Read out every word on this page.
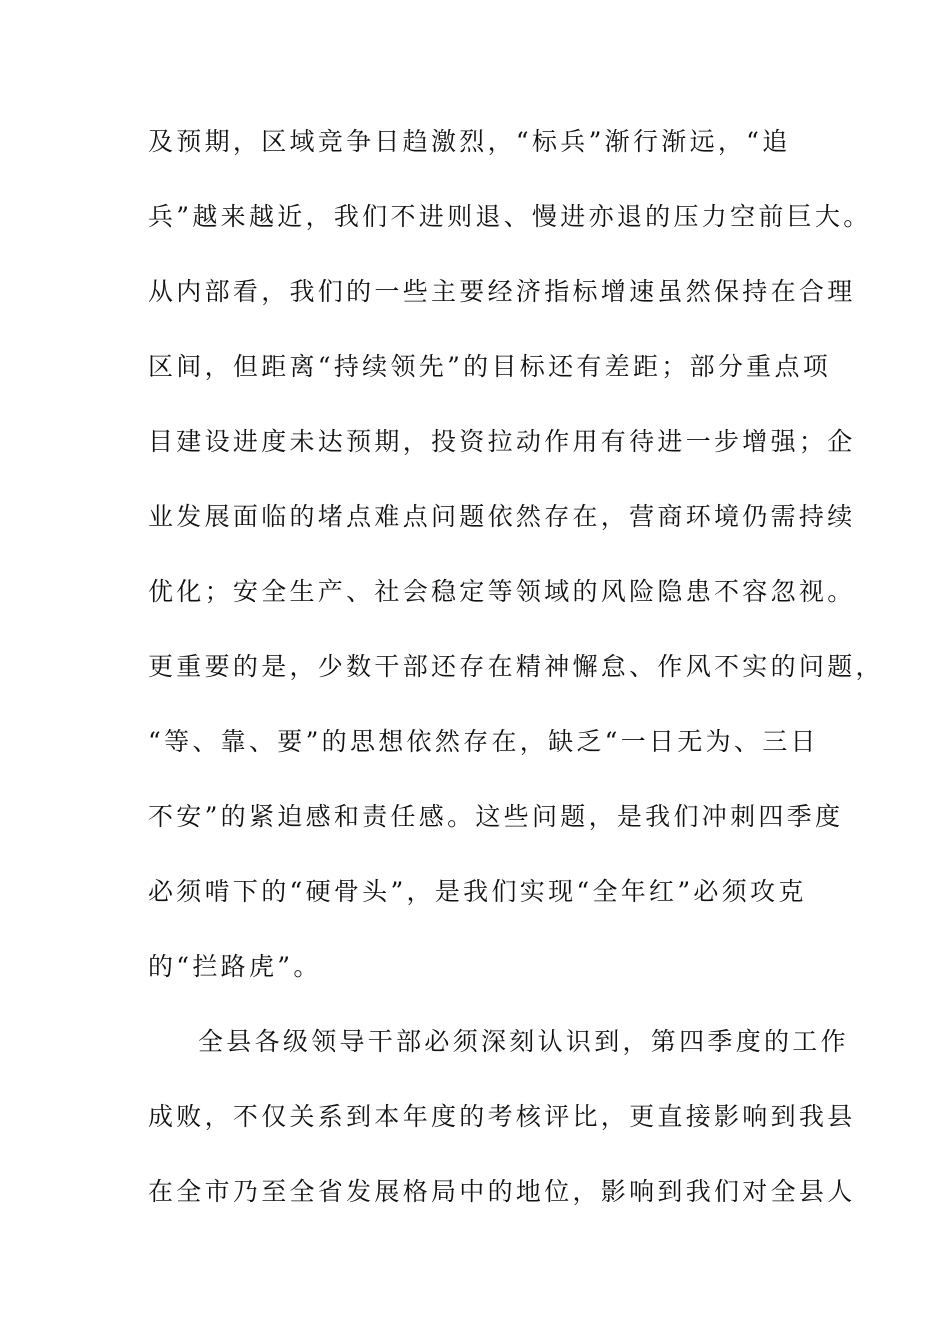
及预期，区域竞争日趋激烈，“标兵”渐行渐远，“追
兵”越来越近，我们不进则退、慢进亦退的压力空前巨大。
从内部看，我们的一些主要经济指标增速虽然保持在合理
区间，但距离“持续领先”的目标还有差距；部分重点项
目建设进度未达预期，投资拉动作用有待进一步增强；企
业发展面临的堵点难点问题依然存在，营商环境仍需持续
优化；安全生产、社会稳定等领域的风险隐患不容忽视。
更重要的是，少数干部还存在精神懈怠、作风不实的问题，
“等、靠、要”的思想依然存在，缺乏“一日无为、三日
不安”的紧迫感和责任感。这些问题，是我们冲刺四季度
必须啃下的“硬骨头”，是我们实现“全年红”必须攻克
的“拦路虎”。
全县各级领导干部必须深刻认识到，第四季度的工作
成败，不仅关系到本年度的考核评比，更直接影响到我县
在全市乃至全省发展格局中的地位，影响到我们对全县人
